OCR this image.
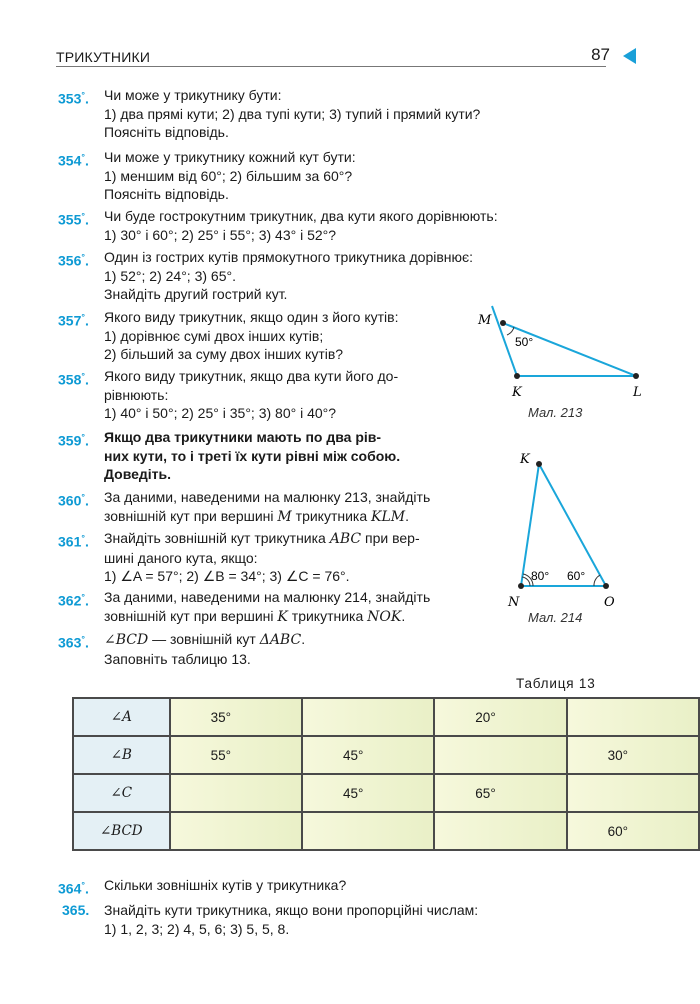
ТРИКУТНИКИ	87
353°. Чи може у трикутнику бути:
1) два прямі кути; 2) два тупі кути; 3) тупий і прямий кути?
Поясніть відповідь.
354°. Чи може у трикутнику кожний кут бути:
1) меншим від 60°; 2) більшим за 60°?
Поясніть відповідь.
355°. Чи буде гострокутним трикутник, два кути якого дорівнюють:
1) 30° і 60°; 2) 25° і 55°; 3) 43° і 52°?
356°. Один із гострих кутів прямокутного трикутника дорівнює:
1) 52°; 2) 24°; 3) 65°.
Знайдіть другий гострий кут.
357°. Якого виду трикутник, якщо один з його кутів:
1) дорівнює сумі двох інших кутів;
2) більший за суму двох інших кутів?
358°. Якого виду трикутник, якщо два кути його до-
рівнюють:
1) 40° і 50°; 2) 25° і 35°; 3) 80° і 40°?
359°. Якщо два трикутники мають по два рів-
них кути, то і треті їх кути рівні між собою.
Доведіть.
360°. За даними, наведеними на малюнку 213, знайдіть
зовнішній кут при вершині M трикутника KLM.
361°. Знайдіть зовнішній кут трикутника ABC при вер-
шині даного кута, якщо:
1) ∠A = 57°; 2) ∠B = 34°; 3) ∠C = 76°.
362°. За даними, наведеними на малюнку 214, знайдіть
зовнішній кут при вершині K трикутника NOK.
363°. ∠BCD — зовнішній кут ΔABC.
Заповніть таблицю 13.
M
K	L
50°
Мал. 213
K
N	O
80° 60°
Мал. 214
Таблиця 13
∠A	35°		20°	
∠B	55°	45°		30°
∠C		45°	65°	
∠BCD				60°
364°. Скільки зовнішніх кутів у трикутника?
365. Знайдіть кути трикутника, якщо вони пропорційні числам:
1) 1, 2, 3; 2) 4, 5, 6; 3) 5, 5, 8.
